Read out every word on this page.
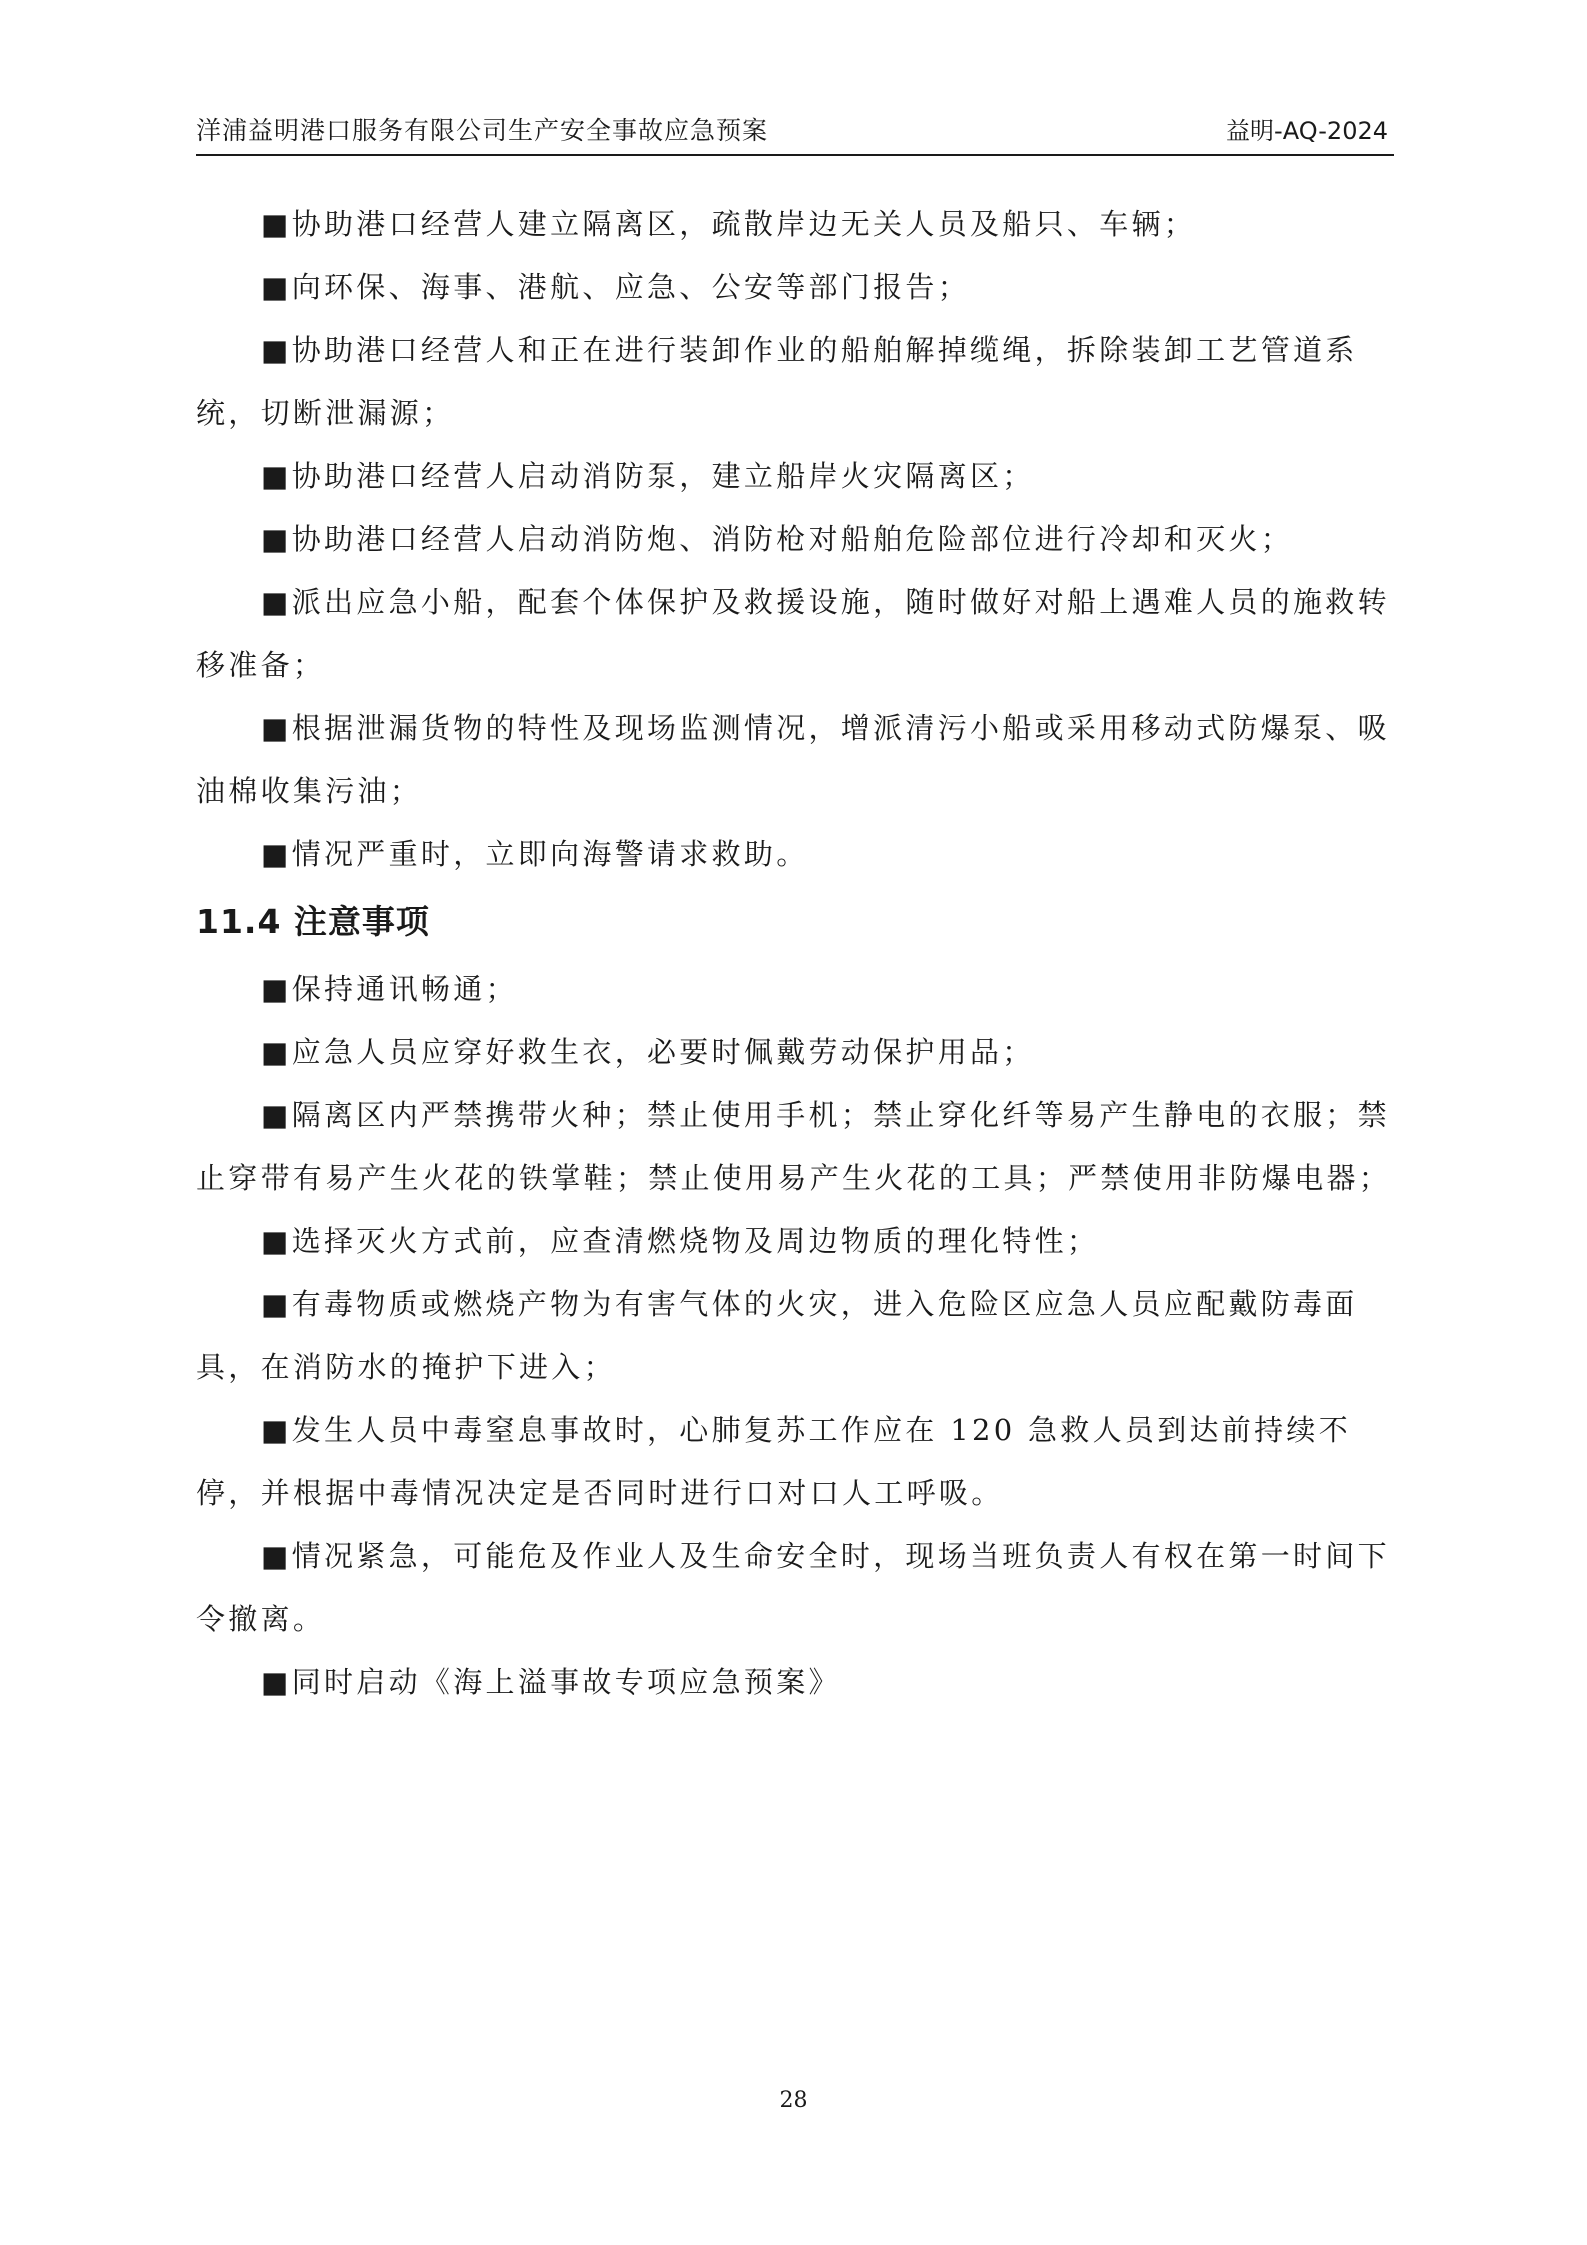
洋浦益明港口服务有限公司生产安全事故应急预案	益明-AQ-2024

■协助港口经营人建立隔离区，疏散岸边无关人员及船只、车辆；

■向环保、海事、港航、应急、公安等部门报告；

■协助港口经营人和正在进行装卸作业的船舶解掉缆绳，拆除装卸工艺管道系统，切断泄漏源；

■协助港口经营人启动消防泵，建立船岸火灾隔离区；

■协助港口经营人启动消防炮、消防枪对船舶危险部位进行冷却和灭火；

■派出应急小船，配套个体保护及救援设施，随时做好对船上遇难人员的施救转移准备；

■根据泄漏货物的特性及现场监测情况，增派清污小船或采用移动式防爆泵、吸油棉收集污油；

■情况严重时，立即向海警请求救助。

11.4 注意事项

■保持通讯畅通；

■应急人员应穿好救生衣，必要时佩戴劳动保护用品；

■隔离区内严禁携带火种；禁止使用手机；禁止穿化纤等易产生静电的衣服；禁止穿带有易产生火花的铁掌鞋；禁止使用易产生火花的工具；严禁使用非防爆电器；

■选择灭火方式前，应查清燃烧物及周边物质的理化特性；

■有毒物质或燃烧产物为有害气体的火灾，进入危险区应急人员应配戴防毒面具，在消防水的掩护下进入；

■发生人员中毒窒息事故时，心肺复苏工作应在 120 急救人员到达前持续不停，并根据中毒情况决定是否同时进行口对口人工呼吸。

■情况紧急，可能危及作业人及生命安全时，现场当班负责人有权在第一时间下令撤离。

■同时启动《海上溢事故专项应急预案》

28
